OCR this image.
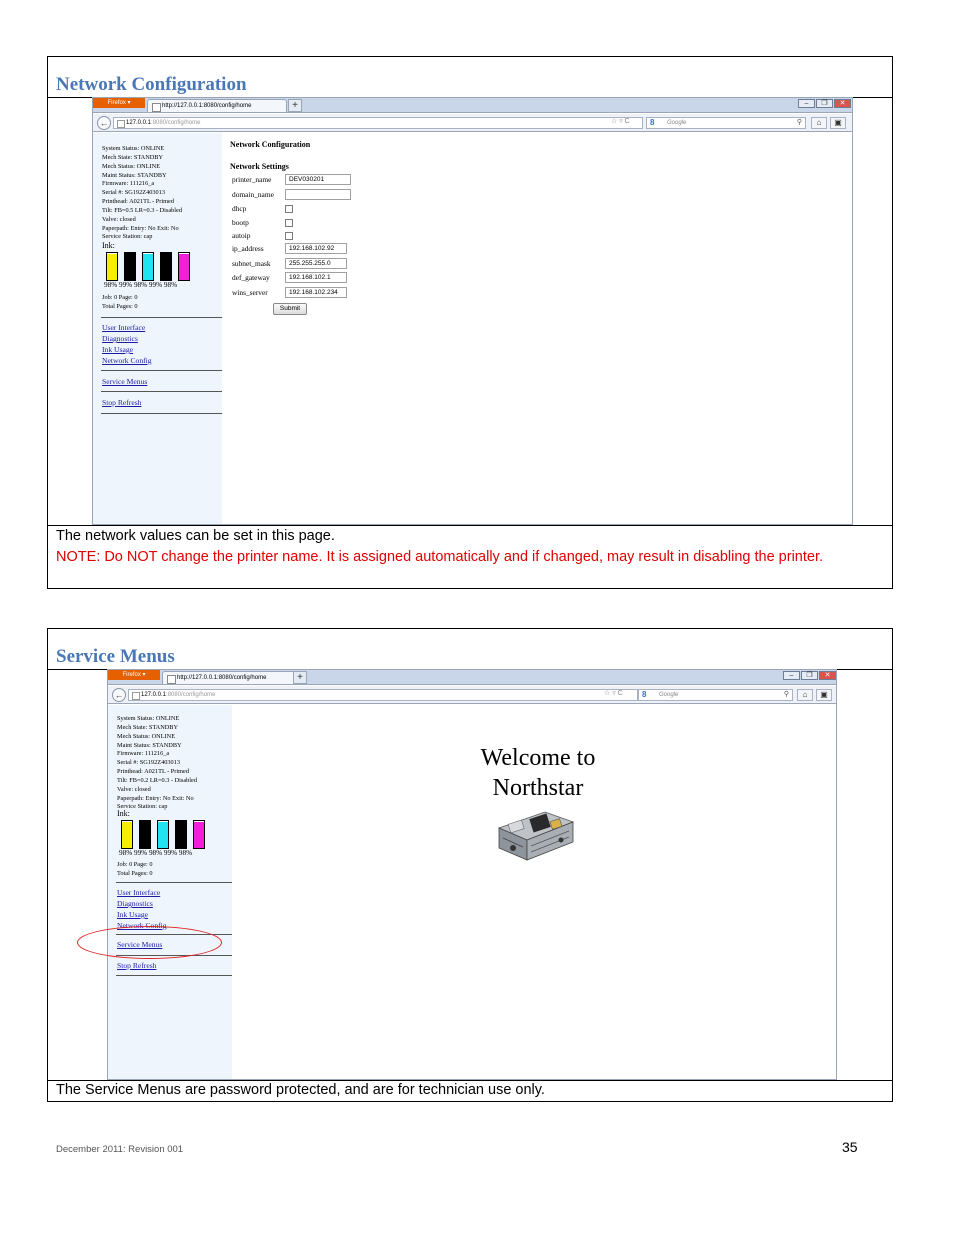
Network Configuration
Firefox ▾	http://127.0.0.1:8080/config/home	+	–	❐	✕
←	127.0.0.1:8080/config/home	☆ ▿ C	8 Google	⚲	⌂	▣
System Status: ONLINE
Mech State: STANDBY
Mech Status: ONLINE
Maint Status: STANDBY
Firmware: 111216_a
Serial #: SG192Z403013
Printhead: A021TL - Primed
Tilt: FB=0.5 LR=0.3 - Disabled
Valve: closed
Paperpath: Entry: No Exit: No
Service Station: cap
Ink:
98% 99% 98% 99% 98%
Job: 0 Page: 0
Total Pages: 0
User Interface
Diagnostics
Ink Usage
Network Config
Service Menus
Stop Refresh
Network Configuration
Network Settings
printer_name	DEV030201
domain_name
dhcp
bootp
autoip
ip_address	192.168.102.92
subnet_mask	255.255.255.0
def_gateway	192.168.102.1
wins_server	192.168.102.234
Submit
The network values can be set in this page.
NOTE: Do NOT change the printer name. It is assigned automatically and if changed, may result in disabling the printer.
Service Menus
Firefox ▾	http://127.0.0.1:8080/config/home	+	–	❐	✕
←	127.0.0.1:8080/config/home	☆ ▿ C	8 Google	⚲	⌂	▣
System Status: ONLINE
Mech State: STANDBY
Mech Status: ONLINE
Maint Status: STANDBY
Firmware: 111216_a
Serial #: SG192Z403013
Printhead: A021TL - Primed
Tilt: FB=0.2 LR=0.3 - Disabled
Valve: closed
Paperpath: Entry: No Exit: No
Service Station: cap
Ink:
98% 99% 98% 99% 98%
Job: 0 Page: 0
Total Pages: 0
User Interface
Diagnostics
Ink Usage
Network Config
Service Menus
Stop Refresh
Welcome to
Northstar
The Service Menus are password protected, and are for technician use only.
December 2011: Revision 001	35
